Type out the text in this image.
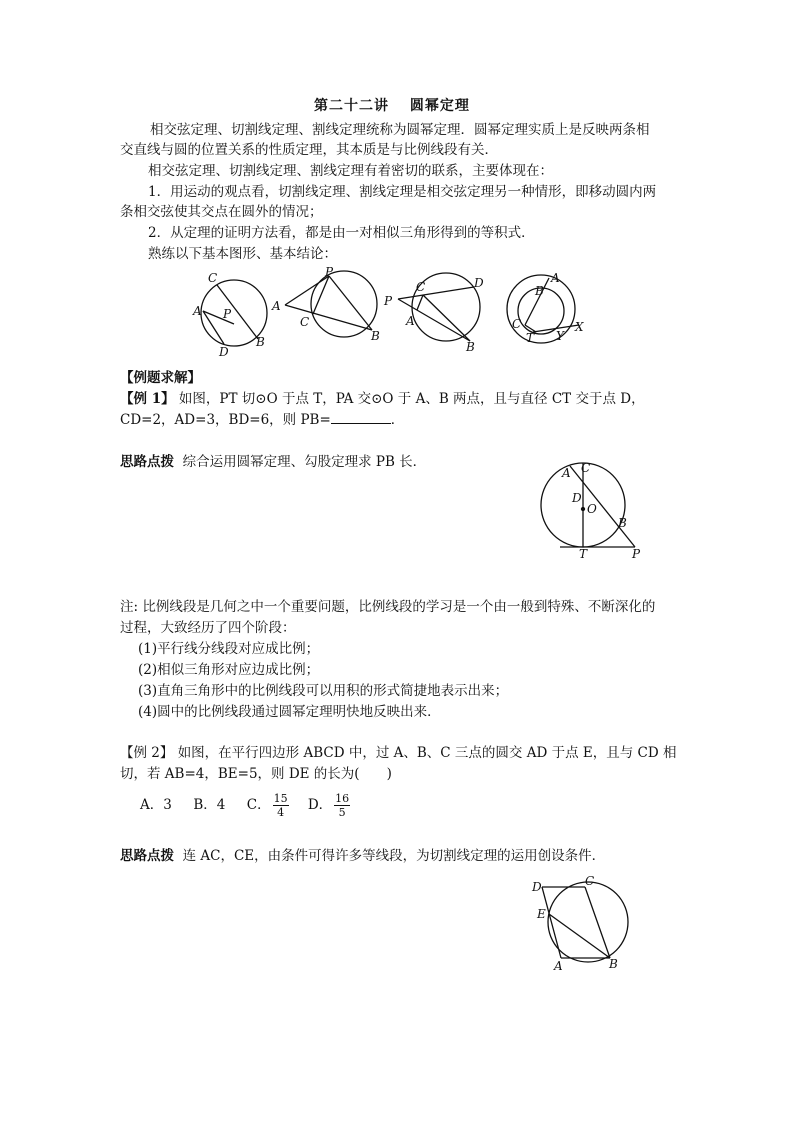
第二十二讲　 圆幂定理
相交弦定理、切割线定理、割线定理统称为圆幂定理．圆幂定理实质上是反映两条相
交直线与圆的位置关系的性质定理，其本质是与比例线段有关．
相交弦定理、切割线定理、割线定理有着密切的联系，主要体现在：
1．用运动的观点看，切割线定理、割线定理是相交弦定理另一种情形，即移动圆内两
条相交弦使其交点在圆外的情况；
2．从定理的证明方法看，都是由一对相似三角形得到的等积式．
熟练以下基本图形、基本结论：
C
A P
D
B
P
A
C
B
D
P
C
A
B
A
B
C
T Y
X
【例题求解】
【例 1】 如图，PT 切⊙O 于点 T，PA 交⊙O 于 A、B 两点，且与直径 CT 交于点 D，
CD=2，AD=3，BD=6，则 PB=	．
思路点拨 综合运用圆幂定理、勾股定理求 PB 长．
A C
D
O
B
T	P
注: 比例线段是几何之中一个重要问题，比例线段的学习是一个由一般到特殊、不断深化的
过程，大致经历了四个阶段：
(1)平行线分线段对应成比例；
(2)相似三角形对应边成比例；
(3)直角三角形中的比例线段可以用积的形式简捷地表示出来；
(4)圆中的比例线段通过圆幂定理明快地反映出来．
【例 2】 如图，在平行四边形 ABCD 中，过 A、B、C 三点的圆交 AD 于点 E，且与 CD 相
切，若 AB=4，BE=5，则 DE 的长为(　　)
A．3 B．4 C． $\frac{15}{4}$ D． $\frac{16}{5}$
思路点拨 连 AC，CE，由条件可得许多等线段，为切割线定理的运用创设条件．
D	C
E
A	B
